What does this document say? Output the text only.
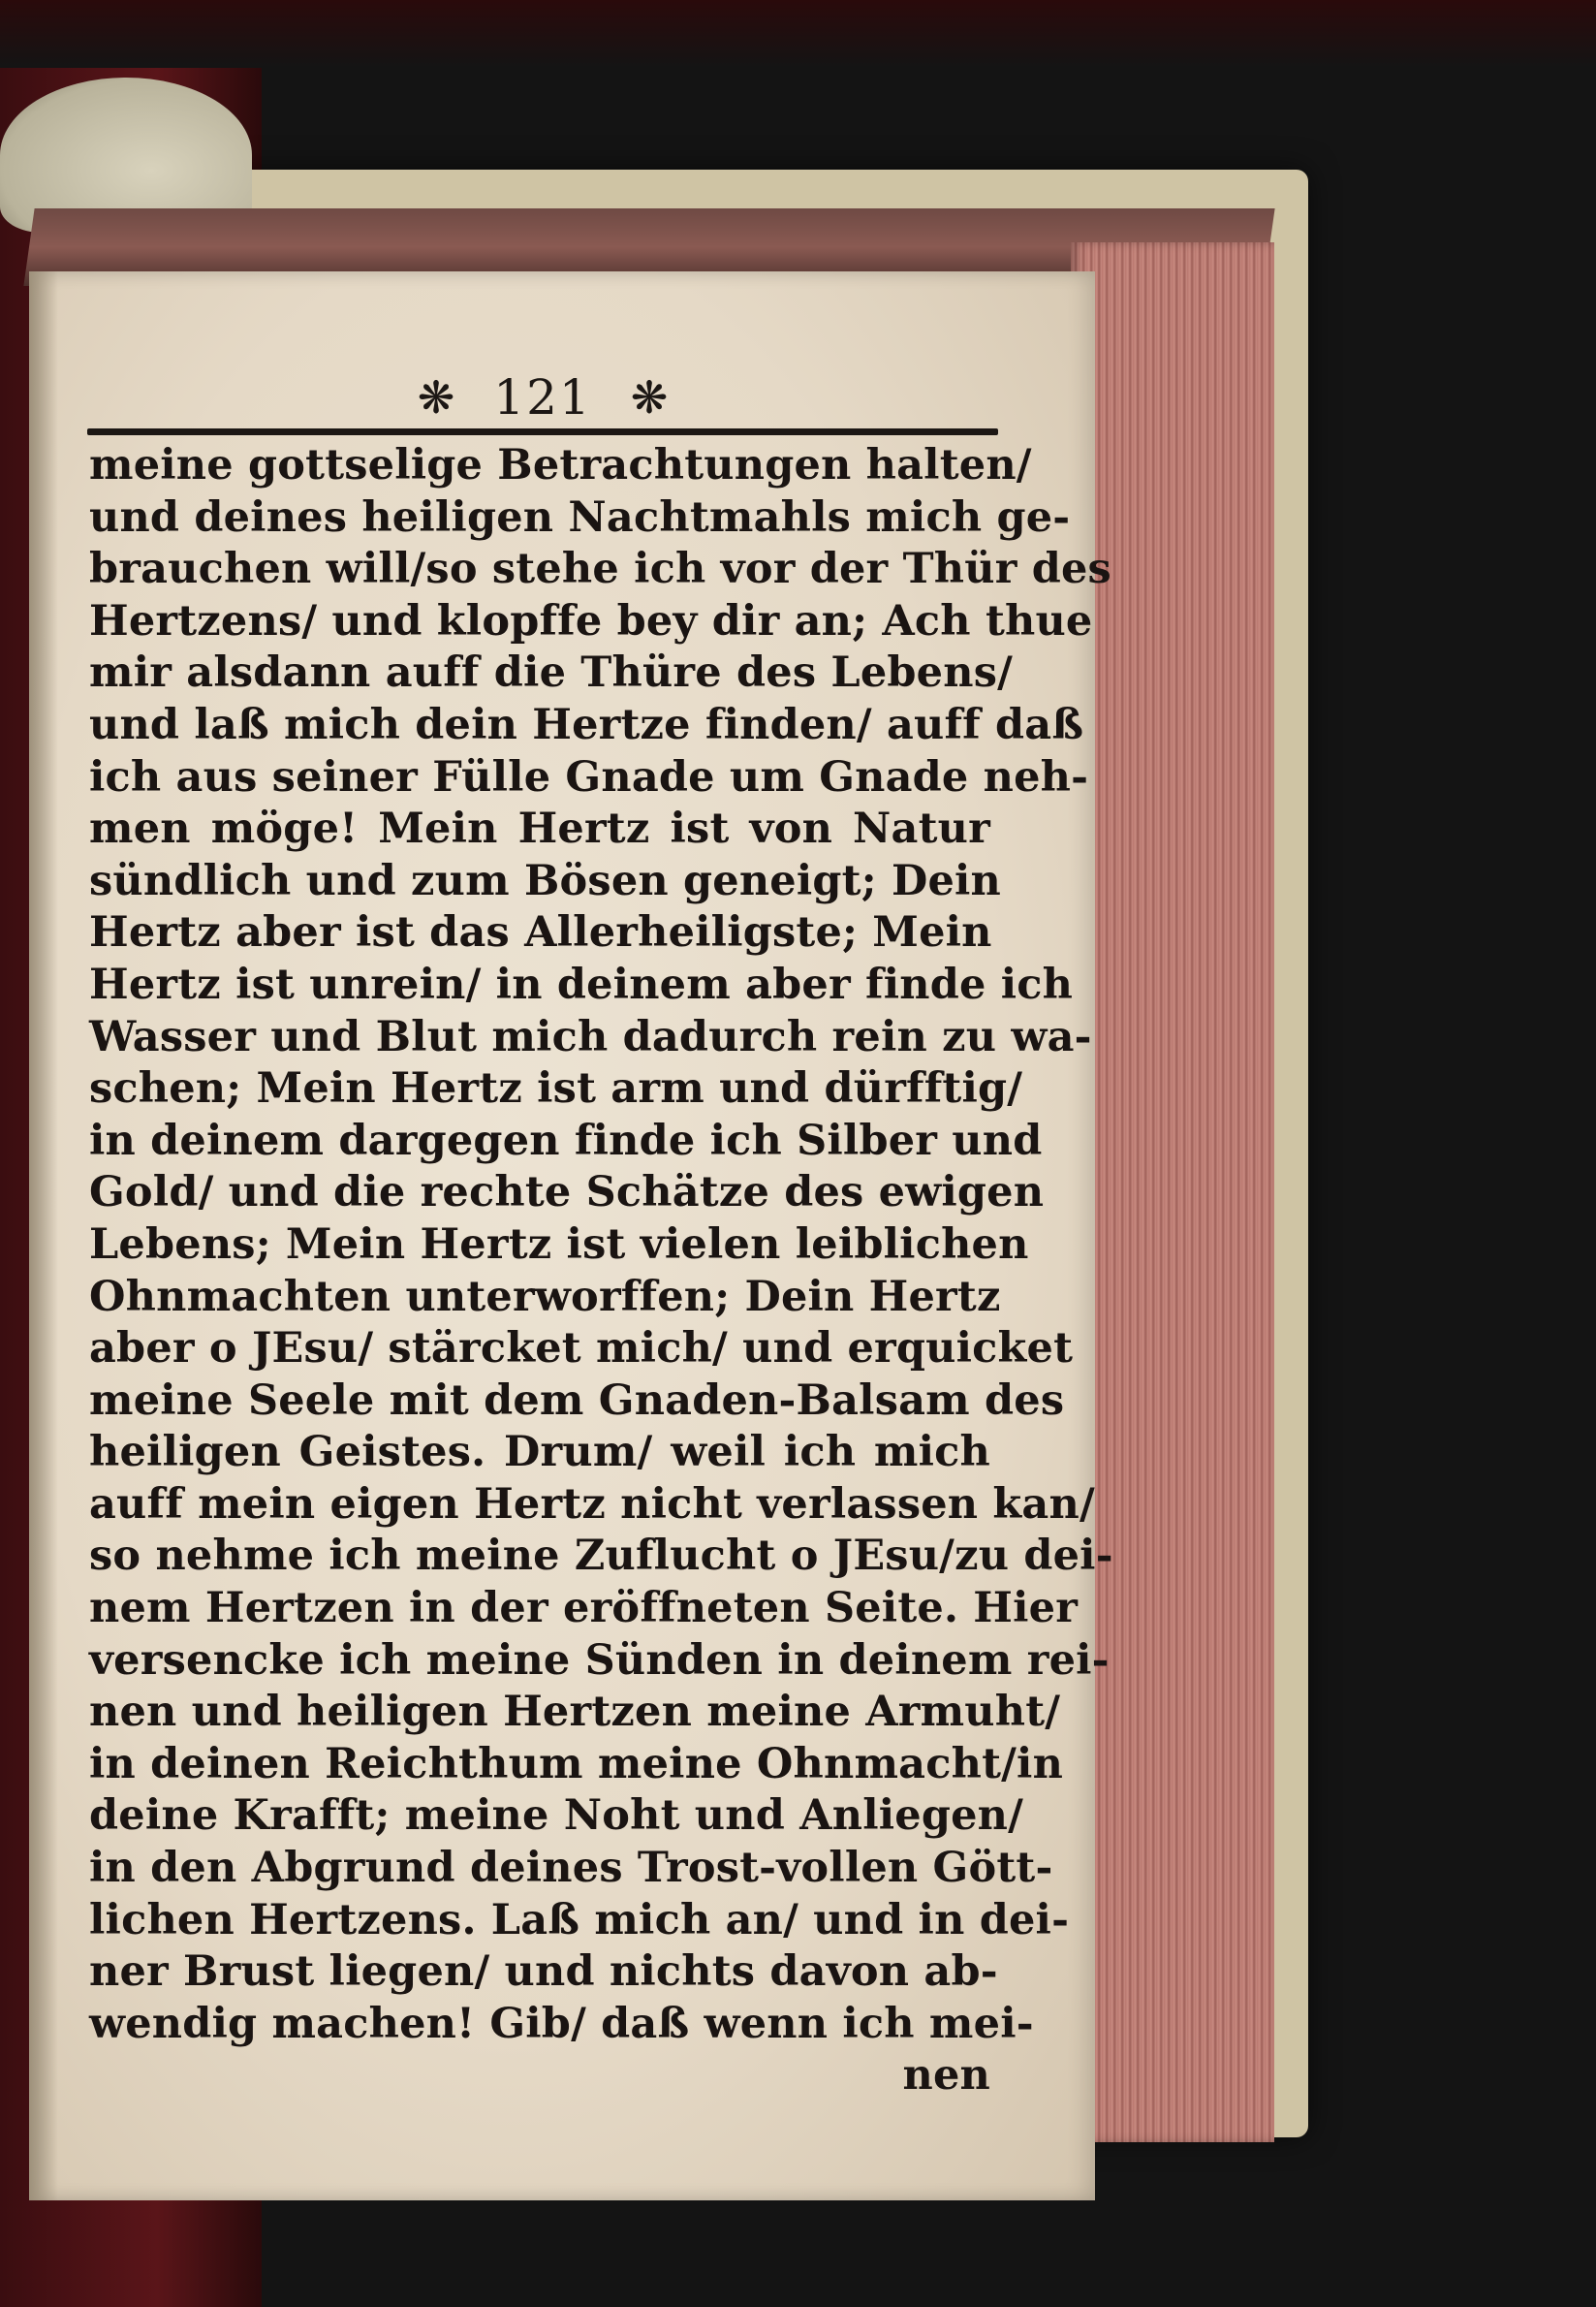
❋ 121 ❋
meine gottselige Betrachtungen halten/
und deines heiligen Nachtmahls mich ge-
brauchen will/so stehe ich vor der Thür des
Hertzens/ und klopffe bey dir an; Ach thue
mir alsdann auff die Thüre des Lebens/
und laß mich dein Hertze finden/ auff daß
ich aus seiner Fülle Gnade um Gnade neh-
men möge! Mein Hertz ist von Natur
sündlich und zum Bösen geneigt; Dein
Hertz aber ist das Allerheiligste; Mein
Hertz ist unrein/ in deinem aber finde ich
Wasser und Blut mich dadurch rein zu wa-
schen; Mein Hertz ist arm und dürfftig/
in deinem dargegen finde ich Silber und
Gold/ und die rechte Schätze des ewigen
Lebens; Mein Hertz ist vielen leiblichen
Ohnmachten unterworffen; Dein Hertz
aber o JEsu/ stärcket mich/ und erquicket
meine Seele mit dem Gnaden-Balsam des
heiligen Geistes. Drum/ weil ich mich
auff mein eigen Hertz nicht verlassen kan/
so nehme ich meine Zuflucht o JEsu/zu dei-
nem Hertzen in der eröffneten Seite. Hier
versencke ich meine Sünden in deinem rei-
nen und heiligen Hertzen meine Armuht/
in deinen Reichthum meine Ohnmacht/in
deine Krafft; meine Noht und Anliegen/
in den Abgrund deines Trost-vollen Gött-
lichen Hertzens. Laß mich an/ und in dei-
ner Brust liegen/ und nichts davon ab-
wendig machen! Gib/ daß wenn ich mei-
nen
